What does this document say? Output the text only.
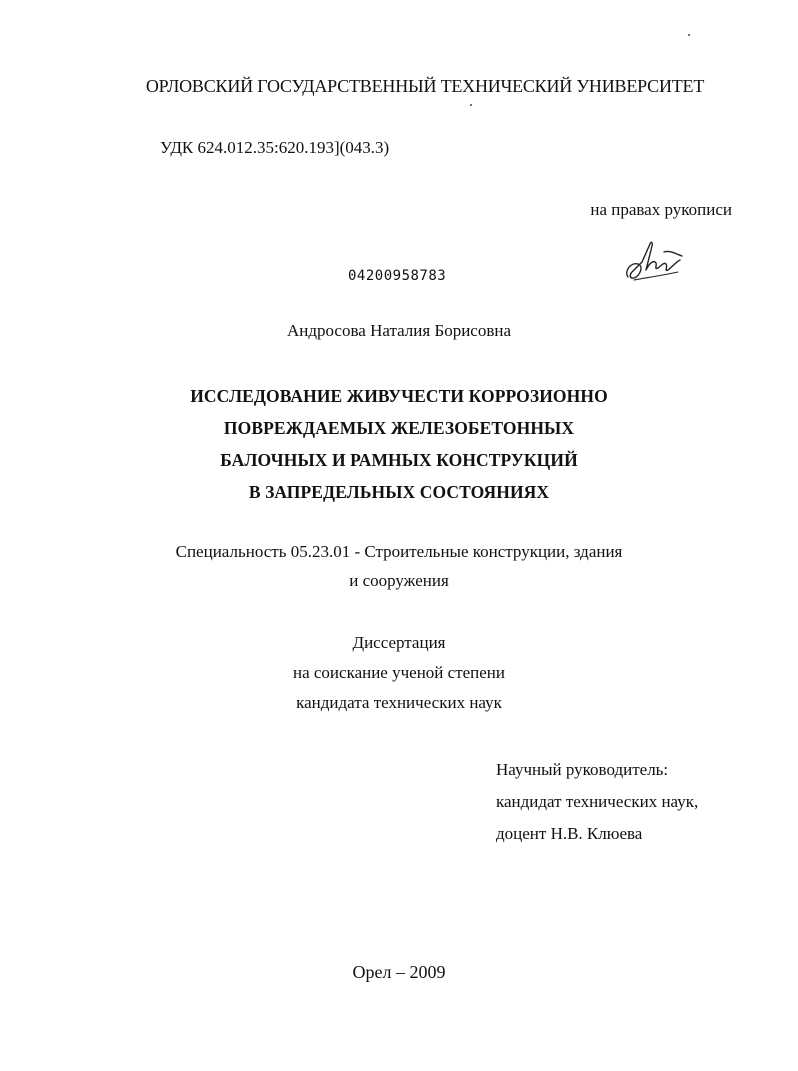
ОРЛОВСКИЙ ГОСУДАРСТВЕННЫЙ ТЕХНИЧЕСКИЙ УНИВЕРСИТЕТ
УДК 624.012.35:620.193](043.3)
на правах рукописи
04200958783
Андросова Наталия Борисовна
ИССЛЕДОВАНИЕ ЖИВУЧЕСТИ КОРРОЗИОННО
ПОВРЕЖДАЕМЫХ ЖЕЛЕЗОБЕТОННЫХ
БАЛОЧНЫХ И РАМНЫХ КОНСТРУКЦИЙ
В ЗАПРЕДЕЛЬНЫХ СОСТОЯНИЯХ
Специальность 05.23.01 - Строительные конструкции, здания
и сооружения
Диссертация
на соискание ученой степени
кандидата технических наук
Научный руководитель:
кандидат технических наук,
доцент Н.В. Клюева
Орел – 2009
